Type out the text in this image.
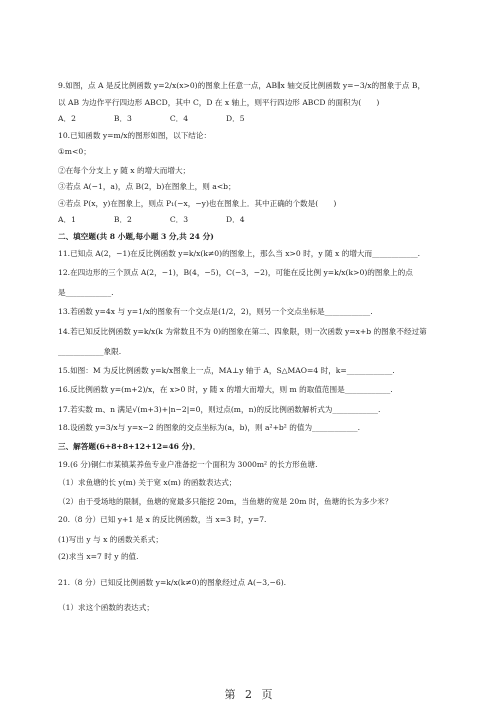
9.如图，点 A 是反比例函数 y=2/x(x>0)的图象上任意一点，AB∥x 轴交反比例函数 y=−3/x的图象于点 B，
以 AB 为边作平行四边形 ABCD，其中 C，D 在 x 轴上，则平行四边形 ABCD 的面积为(　　)
A．2　　　　　B．3　　　　　C．4　　　　　D．5
10.已知函数 y=m/x的图形如图，以下结论：
①m<0；
②在每个分支上 y 随 x 的增大而增大；
③若点 A(−1，a)，点 B(2，b)在图象上，则 a<b；
④若点 P(x，y)在图象上，则点 P₁(−x，−y)也在图象上．其中正确的个数是(　　)
A．1　　　　　B．2　　　　　C．3　　　　　D．4
二、填空题(共 8 小题,每小题 3 分,共 24 分)
11.已知点 A(2，−1)在反比例函数 y=k/x(k≠0)的图象上，那么当 x>0 时，y 随 x 的增大而____________.
12.在四边形的三个顶点 A(2，−1)，B(4，−5)，C(−3，−2)，可能在反比例 y=k/x(k>0)的图象上的点
是____________.
13.若函数 y=4x 与 y=1/x的图象有一个交点是(1/2，2)，则另一个交点坐标是____________.
14.若已知反比例函数 y=k/x(k 为常数且不为 0)的图象在第二、四象限，则一次函数 y=x+b 的图象不经过第
____________象限.
15.如图：M 为反比例函数 y=k/x图象上一点，MA⊥y 轴于 A，S△MAO=4 时，k=____________.
16.反比例函数 y=(m+2)/x，在 x>0 时，y 随 x 的增大而增大，则 m 的取值范围是____________.
17.若实数 m、n 满足√(m+3)+|n−2|=0，则过点(m，n)的反比例函数解析式为____________.
18.设函数 y=3/x与 y=x−2 的图象的交点坐标为(a，b)，则 a²+b² 的值为____________.
三、解答题(6+8+8+12+12=46 分)．
19.(6 分)铜仁市某镇某养鱼专业户准备挖一个面积为 3000m² 的长方形鱼塘.
（1）求鱼塘的长 y(m) 关于宽 x(m) 的函数表达式；
（2）由于受场地的限制，鱼塘的宽最多只能挖 20m，当鱼塘的宽是 20m 时，鱼塘的长为多少米？
20.（8 分）已知 y+1 是 x 的反比例函数，当 x=3 时，y=7.
(1)写出 y 与 x 的函数关系式；
(2)求当 x=7 时 y 的值.
21.（8 分）已知反比例函数 y=k/x(k≠0)的图象经过点 A(−3,−6).
（1）求这个函数的表达式；
第 2 页
